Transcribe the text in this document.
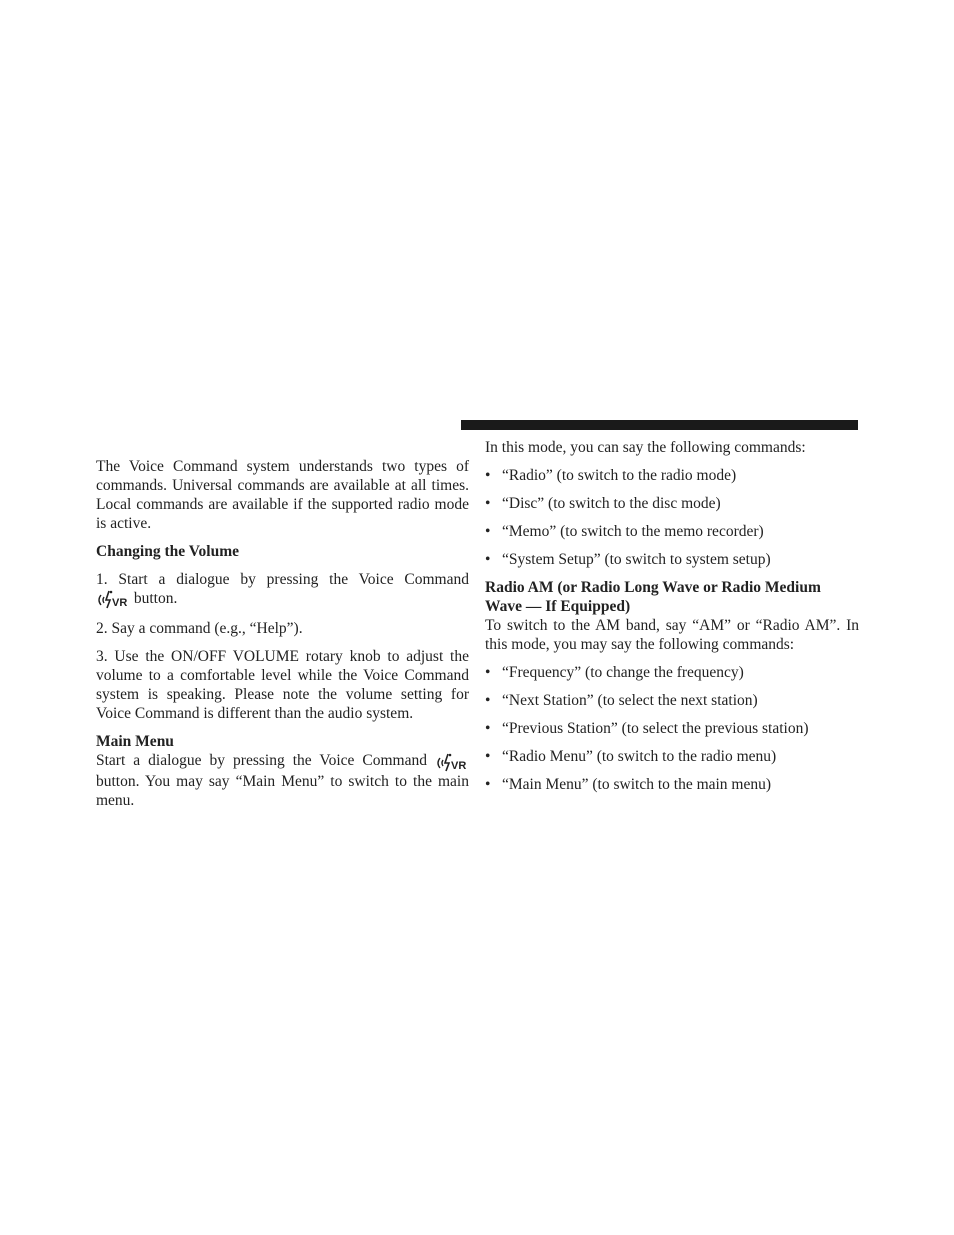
The Voice Command system understands two types of commands. Universal commands are available at all times. Local commands are available if the supported radio mode is active.

Changing the Volume

1. Start a dialogue by pressing the Voice Command

VR button.

2. Say a command (e.g., “Help”).

3. Use the ON/OFF VOLUME rotary knob to adjust the volume to a comfortable level while the Voice Command system is speaking. Please note the volume setting for Voice Command is different than the audio system.

Main Menu

Start a dialogue by pressing the Voice Command VR
button. You may say “Main Menu” to switch to the main menu.

In this mode, you can say the following commands:

• “Radio” (to switch to the radio mode)
• “Disc” (to switch to the disc mode)
• “Memo” (to switch to the memo recorder)
• “System Setup” (to switch to system setup)

Radio AM (or Radio Long Wave or Radio Medium Wave — If Equipped)

To switch to the AM band, say “AM” or “Radio AM”. In this mode, you may say the following commands:

• “Frequency” (to change the frequency)
• “Next Station” (to select the next station)
• “Previous Station” (to select the previous station)
• “Radio Menu” (to switch to the radio menu)
• “Main Menu” (to switch to the main menu)
